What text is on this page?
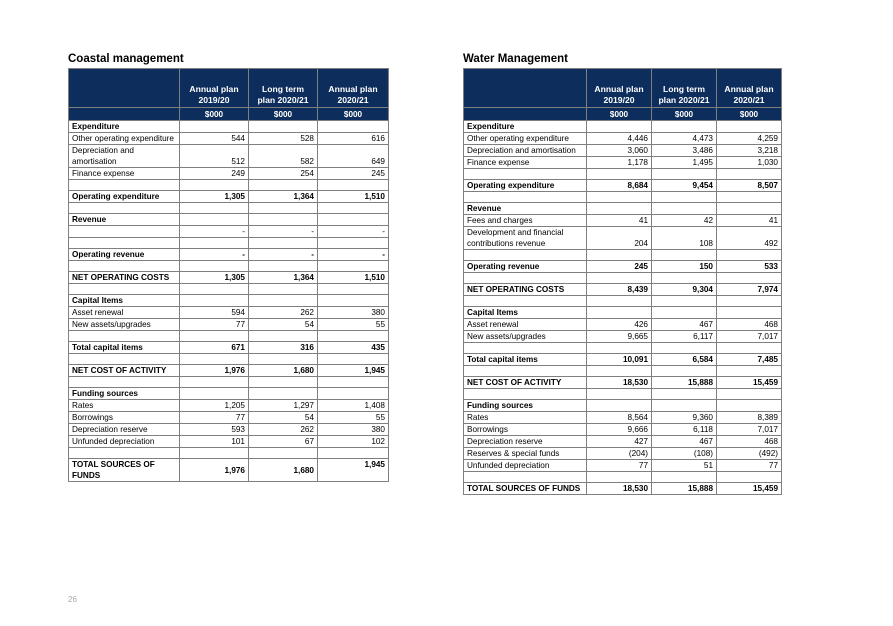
Coastal management
	Annual plan 2019/20	Long term plan 2020/21	Annual plan 2020/21
	$000	$000	$000
Expenditure			
Other operating expenditure	544	528	616
Depreciation and amortisation	512	582	649
Finance expense	249	254	245

Operating expenditure	1,305	1,364	1,510

Revenue			
	-	-	-

Operating revenue	-	-	-

NET OPERATING COSTS	1,305	1,364	1,510

Capital Items			
Asset renewal	594	262	380
New assets/upgrades	77	54	55

Total capital items	671	316	435

NET COST OF ACTIVITY	1,976	1,680	1,945

Funding sources			
Rates	1,205	1,297	1,408
Borrowings	77	54	55
Depreciation reserve	593	262	380
Unfunded depreciation	101	67	102

TOTAL SOURCES OF FUNDS	1,976	1,680	1,945
Water Management
	Annual plan 2019/20	Long term plan 2020/21	Annual plan 2020/21
	$000	$000	$000
Expenditure			
Other operating expenditure	4,446	4,473	4,259
Depreciation and amortisation	3,060	3,486	3,218
Finance expense	1,178	1,495	1,030

Operating expenditure	8,684	9,454	8,507

Revenue			
Fees and charges	41	42	41
Development and financial contributions revenue	204	108	492

Operating revenue	245	150	533

NET OPERATING COSTS	8,439	9,304	7,974

Capital Items			
Asset renewal	426	467	468
New assets/upgrades	9,665	6,117	7,017

Total capital items	10,091	6,584	7,485

NET COST OF ACTIVITY	18,530	15,888	15,459

Funding sources			
Rates	8,564	9,360	8,389
Borrowings	9,666	6,118	7,017
Depreciation reserve	427	467	468
Reserves & special funds	(204)	(108)	(492)
Unfunded depreciation	77	51	77

TOTAL SOURCES OF FUNDS	18,530	15,888	15,459
26
